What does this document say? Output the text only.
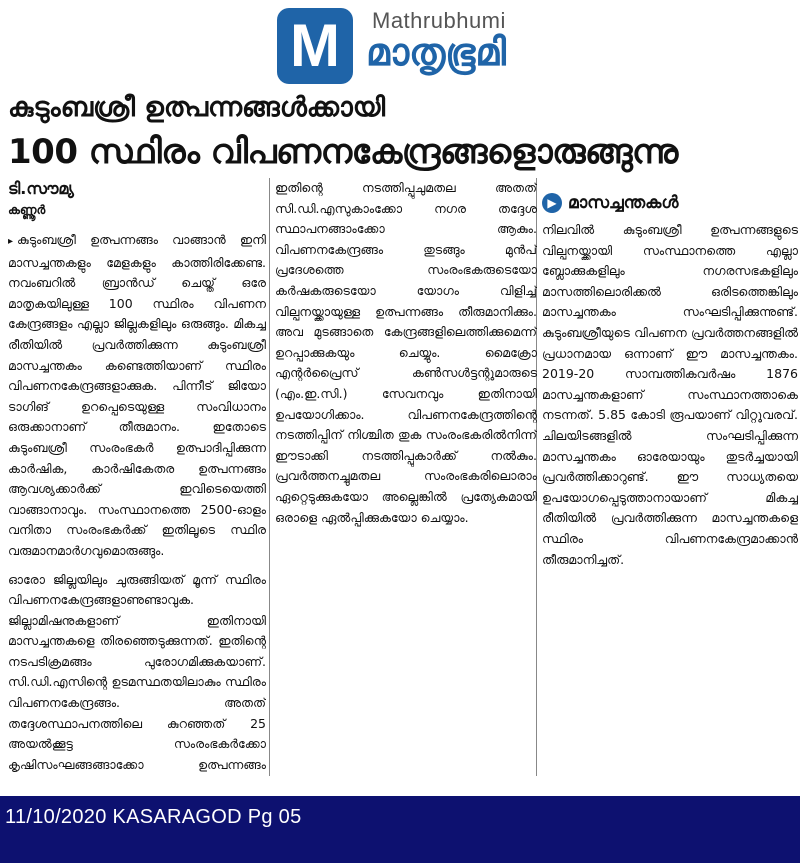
M Mathrubhumi
മാതൃഭൂമി
കുടുംബശ്രീ ഉത്പന്നങ്ങൾക്കായി
100 സ്ഥിരം വിപണനകേന്ദ്രങ്ങളൊരുങ്ങുന്നു
ടി.സൗമ്യ
കണ്ണൂർ

▸ കുടുംബശ്രീ ഉത്പന്നങ്ങം വാങ്ങാൻ ഇനി മാസച്ചന്തകളും മേളകളും കാത്തിരിക്കേണ്ട. നവംബറിൽ ബ്രാൻഡ് ചെയ്ത് ഒരേ മാതൃകയിലുള്ള 100 സ്ഥിരം വിപണന കേന്ദ്രങ്ങളം എല്ലാ ജില്ലകളിലും ഒരുങ്ങും. മികച്ച രീതിയിൽ പ്രവർത്തിക്കുന്ന കുടുംബശ്രീ മാസച്ചന്തകം കണ്ടെത്തിയാണ് സ്ഥിരം വിപണനകേന്ദ്രങ്ങളാക്കുക. പിന്നീട് ജിയോ ടാഗിങ് ഉറപ്പെടെയുള്ള സംവിധാനം ഒരുക്കാനാണ് തീരുമാനം. ഇതോടെ കുടുംബശ്രീ സംരംഭകർ ഉത്പാദിപ്പിക്കുന്ന കാർഷിക, കാർഷികേതര ഉത്പന്നങ്ങം ആവശ്യക്കാർക്ക് ഇവിടെയെത്തി വാങ്ങാനാവും. സംസ്ഥാനത്തെ 2500-ഓളം വനിതാ സംരംഭകർക്ക് ഇതിലൂടെ സ്ഥിര വരുമാനമാർഗവുമൊരുങ്ങും.

ഓരോ ജില്ലയിലും ചുരുങ്ങിയത് മൂന്ന് സ്ഥിരം വിപണനകേന്ദ്രങ്ങളാണുണ്ടാവുക. ജില്ലാമിഷനുകളാണ് ഇതിനായി മാസച്ചന്തകളെ തിരഞ്ഞെടുക്കുന്നത്. ഇതിന്റെ നടപടിക്രമങ്ങം പുരോഗമിക്കുകയാണ്. സി.ഡി.എസിന്റെ ഉടമസ്ഥതയിലാകും സ്ഥിരം വിപണനകേന്ദ്രങ്ങം. അതത് തദ്ദേശസ്ഥാപനത്തിലെ കുറഞ്ഞത് 25 അയൽക്കൂട്ട സംരംഭകർക്കോ കൃഷിസംഘങ്ങങ്ങാക്കോ ഉത്പന്നങ്ങം

ഇതിന്റെ നടത്തിപ്പുചുമതല അതത് സി.ഡി.എസുകാംക്കോ നഗര തദ്ദേശ സ്ഥാപനങ്ങാംക്കോ ആകും. വിപണനകേന്ദ്രങ്ങം തുടങ്ങും മുൻപ് പ്രദേശത്തെ സംരംഭകരുടെയോ കർഷകരുടെയോ യോഗം വിളിച്ച് വില്പനയ്ക്കായുള്ള ഉത്പന്നങ്ങം തീരുമാനിക്കും. അവ മുടങ്ങാതെ കേന്ദ്രങ്ങളിലെത്തിക്കുമെന്ന് ഉറപ്പാക്കുകയും ചെയ്യും. മൈക്രോ എന്റർപ്രൈസ് കൺസൾട്ടന്റുമാരുടെ (എം.ഇ.സി.) സേവനവും ഇതിനായി ഉപയോഗിക്കാം. വിപണനകേന്ദ്രത്തിന്റെ നടത്തിപ്പിന് നിശ്ചിത തുക സംരംഭകരിൽനിന്ന് ഈടാക്കി നടത്തിപ്പുകാർക്ക് നൽകും. പ്രവർത്തനച്ചുമതല സംരംഭകരിലൊരാം ഏറ്റെടുക്കുകയോ അല്ലെങ്കിൽ പ്രത്യേകമായി ഒരാളെ ഏൽപ്പിക്കുകയോ ചെയ്യാം.

▶ മാസച്ചന്തകൾ

നിലവിൽ കുടുംബശ്രീ ഉത്പന്നങ്ങളുടെ വില്പനയ്ക്കായി സംസ്ഥാനത്തെ എല്ലാ ബ്ലോക്കുകളിലും നഗരസഭകളിലും മാസത്തിലൊരിക്കൽ ഒരിടത്തെങ്കിലും മാസച്ചന്തകം സംഘടിപ്പിക്കുന്നുണ്ട്. കുടുംബശ്രീയുടെ വിപണന പ്രവർത്തനങ്ങളിൽ പ്രധാനമായ ഒന്നാണ് ഈ മാസച്ചന്തകം. 2019-20 സാമ്പത്തികവർഷം 1876 മാസച്ചന്തകളാണ് സംസ്ഥാനത്താകെ നടന്നത്. 5.85 കോടി രൂപയാണ് വിറ്റുവരവ്. ചിലയിടങ്ങളിൽ സംഘടിപ്പിക്കുന്ന മാസച്ചന്തകം ഓരേയായും തുടർച്ചയായി പ്രവർത്തിക്കാറുണ്ട്. ഈ സാധ്യതയെ ഉപയോഗപ്പെടുത്താനായാണ് മികച്ച രീതിയിൽ പ്രവർത്തിക്കുന്ന മാസച്ചന്തകളെ സ്ഥിരം വിപണനകേന്ദ്രമാക്കാൻ തീരുമാനിച്ചത്.

11/10/2020 KASARAGOD Pg 05
